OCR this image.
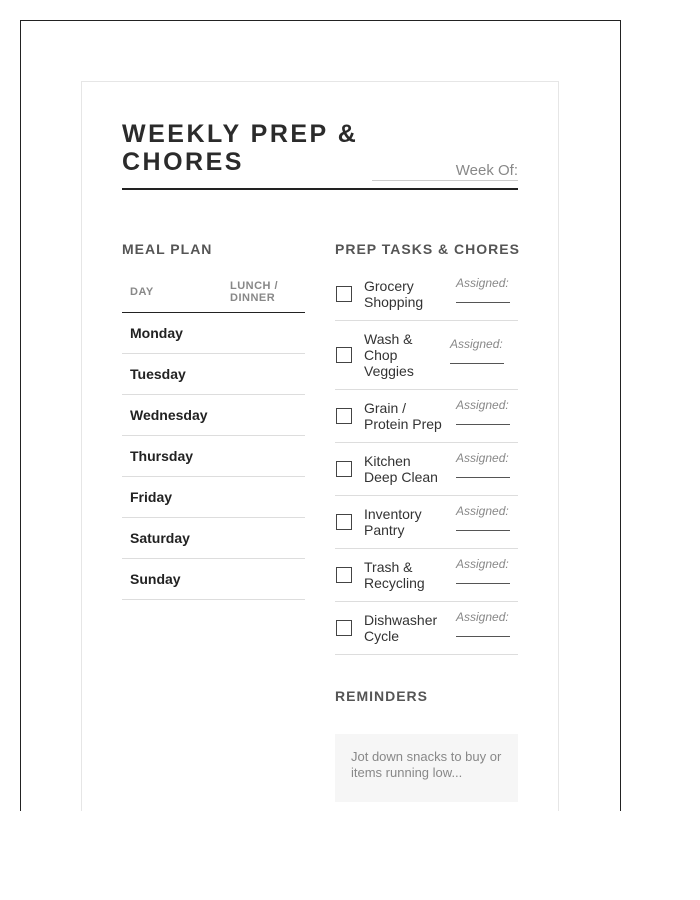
WEEKLY PREP & CHORES	Week Of:
MEAL PLAN	PREP TASKS & CHORES
DAY	LUNCH / DINNER
Monday
Tuesday
Wednesday
Thursday
Friday
Saturday
Sunday
Grocery Shopping
Assigned:
Wash & Chop Veggies
Assigned:
Grain / Protein Prep
Assigned:
Kitchen Deep Clean
Assigned:
Inventory Pantry
Assigned:
Trash & Recycling
Assigned:
Dishwasher Cycle
Assigned:
REMINDERS
Jot down snacks to buy or items running low...
